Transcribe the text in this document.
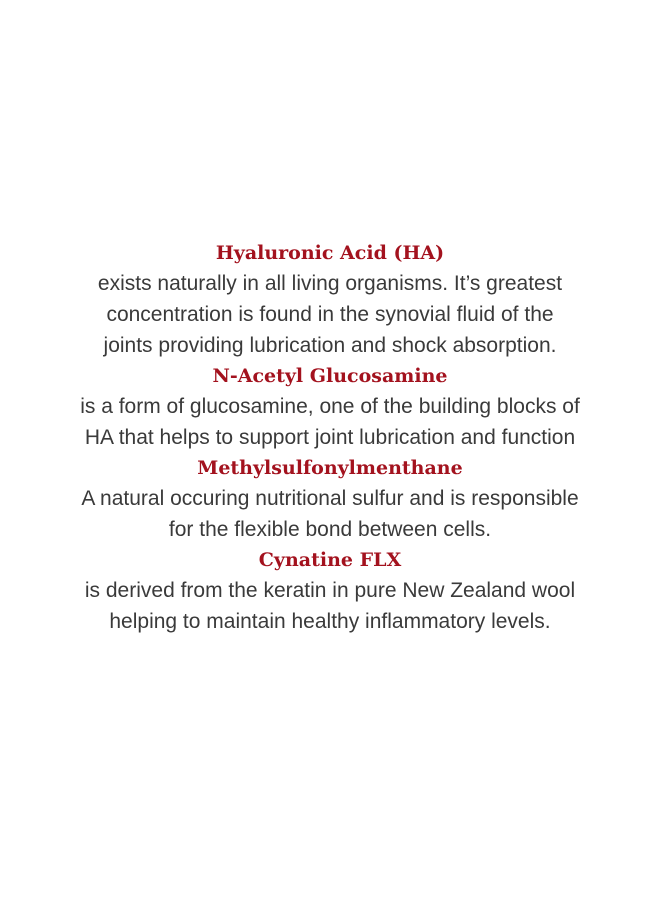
Hyaluronic Acid (HA)
exists naturally in all living organisms. It’s greatest
concentration is found in the synovial fluid of the
joints providing lubrication and shock absorption.
N-Acetyl Glucosamine
is a form of glucosamine, one of the building blocks of
HA that helps to support joint lubrication and function
Methylsulfonylmenthane
A natural occuring nutritional sulfur and is responsible
for the flexible bond between cells.
Cynatine FLX
is derived from the keratin in pure New Zealand wool
helping to maintain healthy inflammatory levels.
